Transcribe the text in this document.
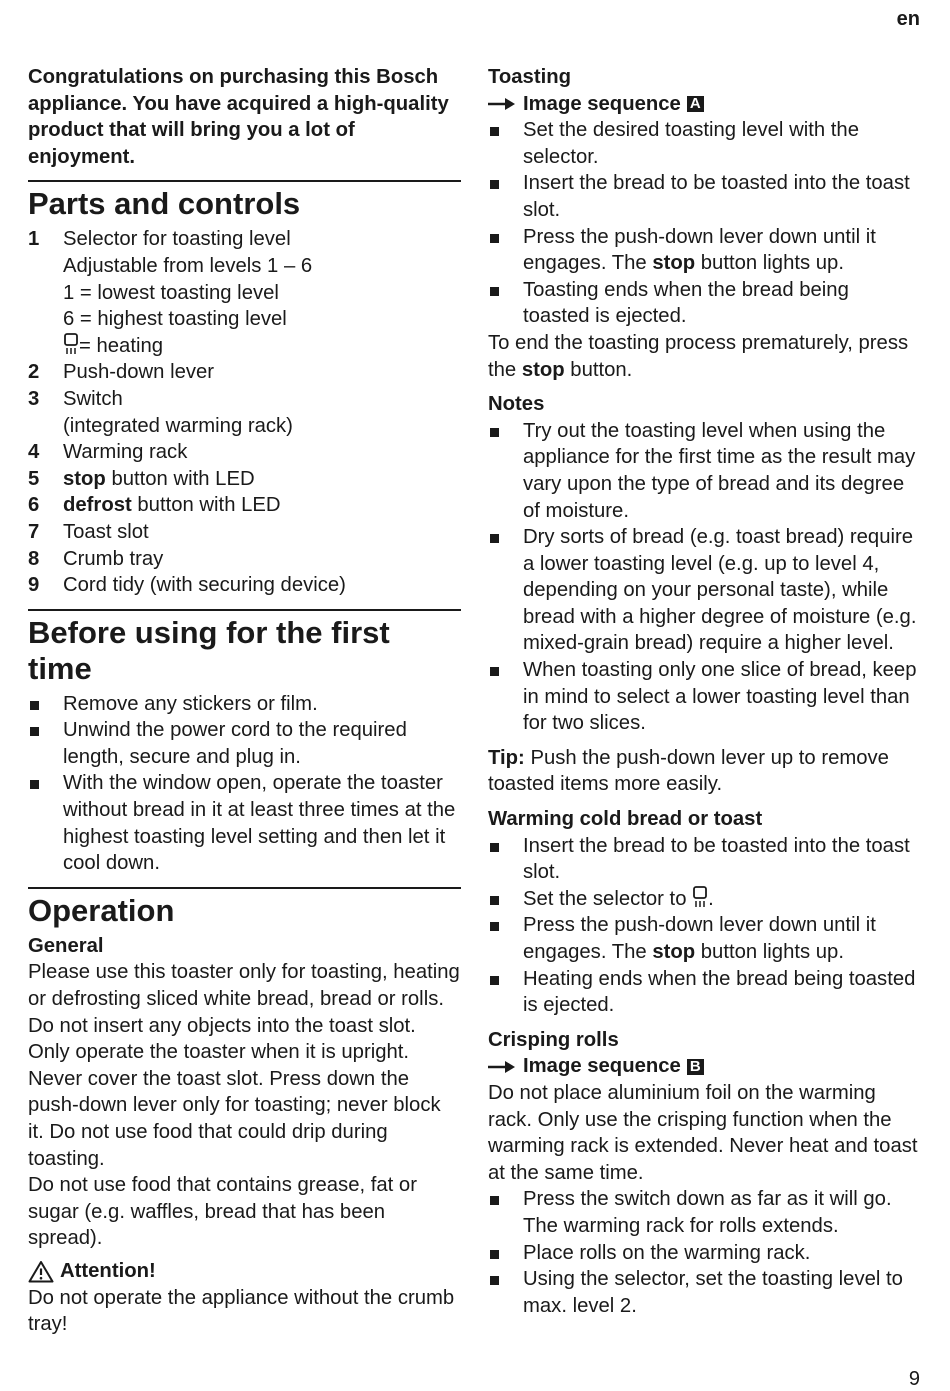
en

Congratulations on purchasing this Bosch appliance. You have acquired a high-quality product that will bring you a lot of enjoyment.

Parts and controls
1	Selector for toasting level
Adjustable from levels 1 – 6
1 = lowest toasting level
6 = highest toasting level
= heating
2	Push-down lever
3	Switch
(integrated warming rack)
4	Warming rack
5	stop button with LED
6	defrost button with LED
7	Toast slot
8	Crumb tray
9	Cord tidy (with securing device)
Before using for the first time
Remove any stickers or film.
Unwind the power cord to the required length, secure and plug in.
With the window open, operate the toaster without bread in it at least three times at the highest toasting level setting and then let it cool down.
Operation
General

Please use this toaster only for toasting, heating or defrosting sliced white bread, bread or rolls. Do not insert any objects into the toast slot. Only operate the toaster when it is upright. Never cover the toast slot. Press down the push-down lever only for toasting; never block it. Do not use food that could drip during toasting.

Do not use food that contains grease, fat or sugar (e.g. waffles, bread that has been spread).

Attention!

Do not operate the appliance without the crumb tray!

Toasting
Image sequence A
Set the desired toasting level with the selector.
Insert the bread to be toasted into the toast slot.
Press the push-down lever down until it engages. The stop button lights up.
Toasting ends when the bread being toasted is ejected.

To end the toasting process prematurely, press the stop button.

Notes
Try out the toasting level when using the appliance for the first time as the result may vary upon the type of bread and its degree of moisture.
Dry sorts of bread (e.g. toast bread) require a lower toasting level (e.g. up to level 4, depending on your personal taste), while bread with a higher degree of moisture (e.g. mixed-grain bread) require a higher level.
When toasting only one slice of bread, keep in mind to select a lower toasting level than for two slices.

Tip: Push the push-down lever up to remove toasted items more easily.

Warming cold bread or toast
Insert the bread to be toasted into the toast slot.
Set the selector to .
Press the push-down lever down until it engages. The stop button lights up.
Heating ends when the bread being toasted is ejected.
Crisping rolls
Image sequence B

Do not place aluminium foil on the warming rack. Only use the crisping function when the warming rack is extended. Never heat and toast at the same time.

Press the switch down as far as it will go. The warming rack for rolls extends.
Place rolls on the warming rack.
Using the selector, set the toasting level to max. level 2.
9
